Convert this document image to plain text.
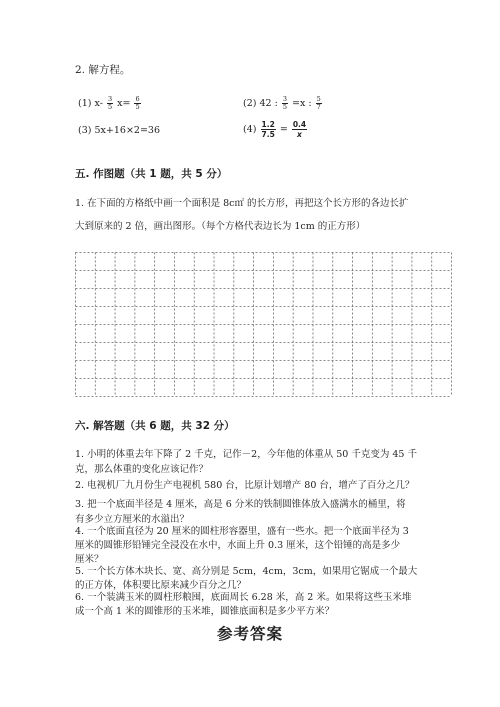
2. 解方程。
(1) $x- \frac{3}{5} x= \frac{6}{5}$	(2) 42 : $\frac{3}{5} =x$ : $\frac{5}{7}$
(3) 5x+16×2=36	$(4) \frac{1.2}{7.5} = \frac{0.4}{x}$
五. 作图题（共 1 题，共 5 分）
1. 在下面的方格纸中画一个面积是 8c㎡ 的长方形，再把这个长方形的各边长扩
大到原来的 2 倍，画出图形。（每个方格代表边长为 1cm 的正方形）
六. 解答题（共 6 题，共 32 分）
1. 小明的体重去年下降了 2 千克，记作－2，今年他的体重从 50 千克变为 45 千
克，那么体重的变化应该记作？
2. 电视机厂九月份生产电视机 580 台，比原计划增产 80 台，增产了百分之几？
3. 把一个底面半径是 4 厘米，高是 6 分米的铁制圆锥体放入盛满水的桶里，将
有多少立方厘米的水溢出？
4. 一个底面直径为 20 厘米的圆柱形容器里，盛有一些水。把一个底面半径为 3
厘米的圆锥形铅锤完全浸没在水中，水面上升 0.3 厘米，这个铅锤的高是多少
厘米？
5. 一个长方体木块长、宽、高分别是 5cm，4cm，3cm，如果用它锯成一个最大
的正方体，体积要比原来减少百分之几？
6. 一个装满玉米的圆柱形粮囤，底面周长 6.28 米，高 2 米。如果将这些玉米堆
成一个高 1 米的圆锥形的玉米堆，圆锥底面积是多少平方米？
参考答案
